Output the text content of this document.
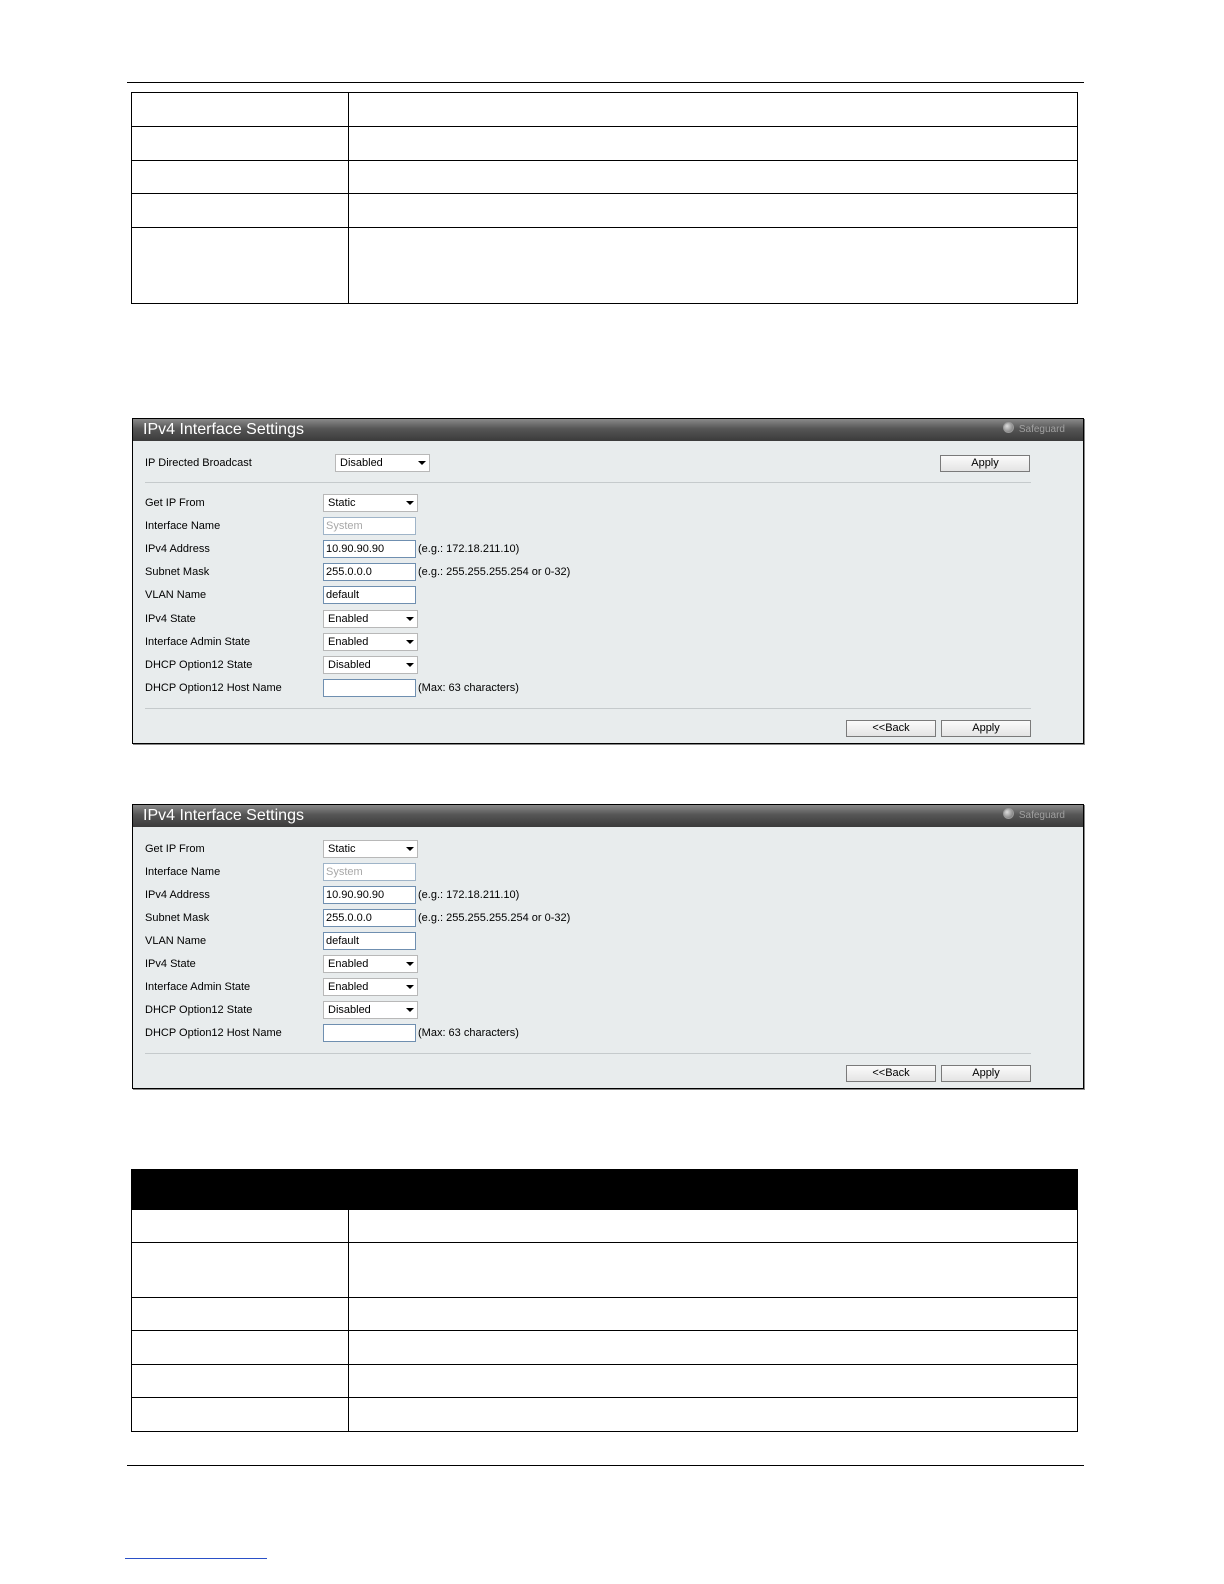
IPv4 Interface Settings	Safeguard
IP Directed Broadcast	Disabled	Apply
Get IP From	Static
Interface Name	System
IPv4 Address	10.90.90.90	(e.g.: 172.18.211.10)
Subnet Mask	255.0.0.0	(e.g.: 255.255.255.254 or 0-32)
VLAN Name	default
IPv4 State	Enabled
Interface Admin State	Enabled
DHCP Option12 State	Disabled
DHCP Option12 Host Name	(Max: 63 characters)
<<Back	Apply
IPv4 Interface Settings	Safeguard
Get IP From	Static
Interface Name	System
IPv4 Address	10.90.90.90	(e.g.: 172.18.211.10)
Subnet Mask	255.0.0.0	(e.g.: 255.255.255.254 or 0-32)
VLAN Name	default
IPv4 State	Enabled
Interface Admin State	Enabled
DHCP Option12 State	Disabled
DHCP Option12 Host Name	(Max: 63 characters)
<<Back	Apply
